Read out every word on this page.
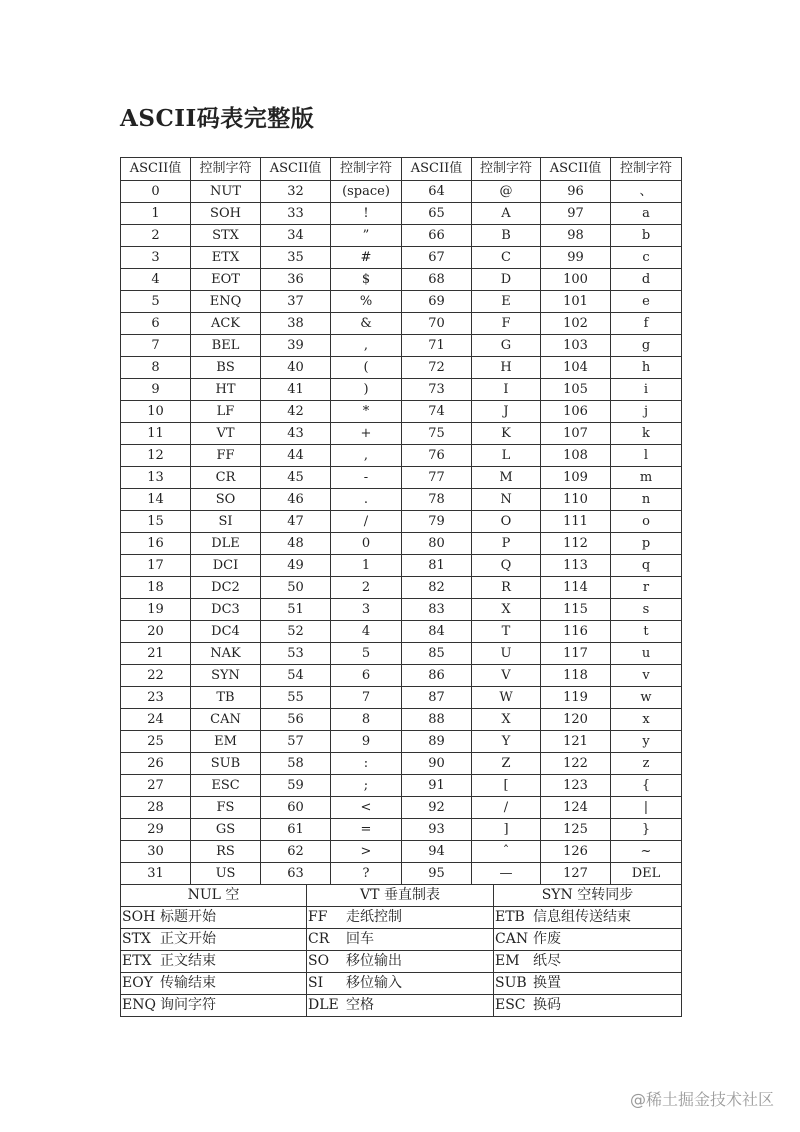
ASCII码表完整版
ASCII值	控制字符	ASCII值	控制字符	ASCII值	控制字符	ASCII值	控制字符
0	NUT	32	(space)	64	@	96	、
1	SOH	33	!	65	A	97	a
2	STX	34	”	66	B	98	b
3	ETX	35	#	67	C	99	c
4	EOT	36	$	68	D	100	d
5	ENQ	37	%	69	E	101	e
6	ACK	38	&	70	F	102	f
7	BEL	39	,	71	G	103	g
8	BS	40	(	72	H	104	h
9	HT	41	)	73	I	105	i
10	LF	42	*	74	J	106	j
11	VT	43	+	75	K	107	k
12	FF	44	,	76	L	108	l
13	CR	45	-	77	M	109	m
14	SO	46	.	78	N	110	n
15	SI	47	/	79	O	111	o
16	DLE	48	0	80	P	112	p
17	DCI	49	1	81	Q	113	q
18	DC2	50	2	82	R	114	r
19	DC3	51	3	83	X	115	s
20	DC4	52	4	84	T	116	t
21	NAK	53	5	85	U	117	u
22	SYN	54	6	86	V	118	v
23	TB	55	7	87	W	119	w
24	CAN	56	8	88	X	120	x
25	EM	57	9	89	Y	121	y
26	SUB	58	:	90	Z	122	z
27	ESC	59	;	91	[	123	{
28	FS	60	<	92	/	124	|
29	GS	61	=	93	]	125	}
30	RS	62	>	94	ˆ	126	~
31	US	63	?	95	—	127	DEL
NUL 空	VT 垂直制表	SYN 空转同步
SOH 标题开始	FF 走纸控制	ETB 信息组传送结束
STX 正文开始	CR 回车	CAN 作废
ETX 正文结束	SO 移位输出	EM 纸尽
EOY 传输结束	SI 移位输入	SUB 换置
ENQ 询问字符	DLE 空格	ESC 换码
@稀土掘金技术社区
